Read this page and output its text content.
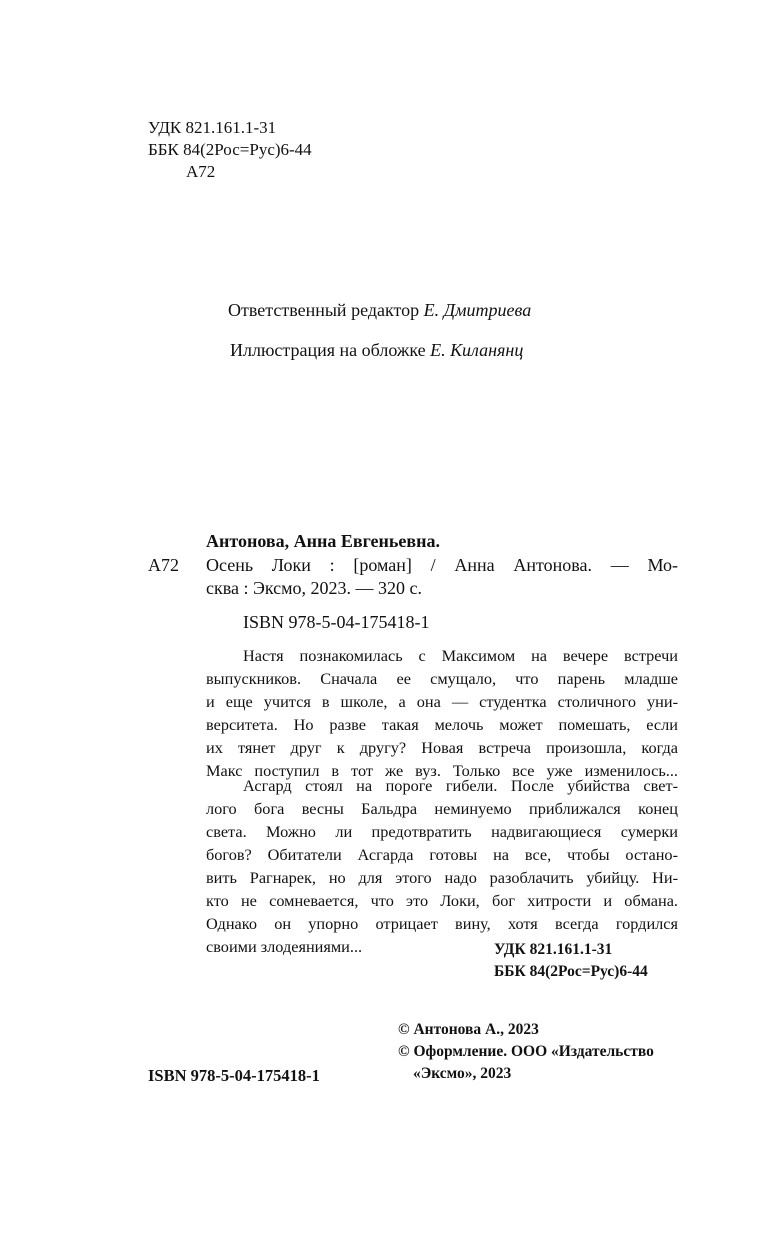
УДК 821.161.1-31
ББК 84(2Рос=Рус)6-44
А72
Ответственный редактор Е. Дмитриева
Иллюстрация на обложке Е. Киланянц
Антонова, Анна Евгеньевна.
А72 Осень Локи : [роман] / Анна Антонова. — Мо-
сква : Эксмо, 2023. — 320 с.
ISBN 978-5-04-175418-1
Настя познакомилась с Максимом на вечере встречи
выпускников. Сначала ее смущало, что парень младше
и еще учится в школе, а она — студентка столичного уни-
верситета. Но разве такая мелочь может помешать, если
их тянет друг к другу? Новая встреча произошла, когда
Макс поступил в тот же вуз. Только все уже изменилось...
Асгард стоял на пороге гибели. После убийства свет-
лого бога весны Бальдра неминуемо приближался конец
света. Можно ли предотвратить надвигающиеся сумерки
богов? Обитатели Асгарда готовы на все, чтобы остано-
вить Рагнарек, но для этого надо разоблачить убийцу. Ни-
кто не сомневается, что это Локи, бог хитрости и обмана.
Однако он упорно отрицает вину, хотя всегда гордился
своими злодеяниями...	УДК 821.161.1-31
ББК 84(2Рос=Рус)6-44
© Антонова А., 2023
© Оформление. ООО «Издательство
«Эксмо», 2023
ISBN 978-5-04-175418-1
